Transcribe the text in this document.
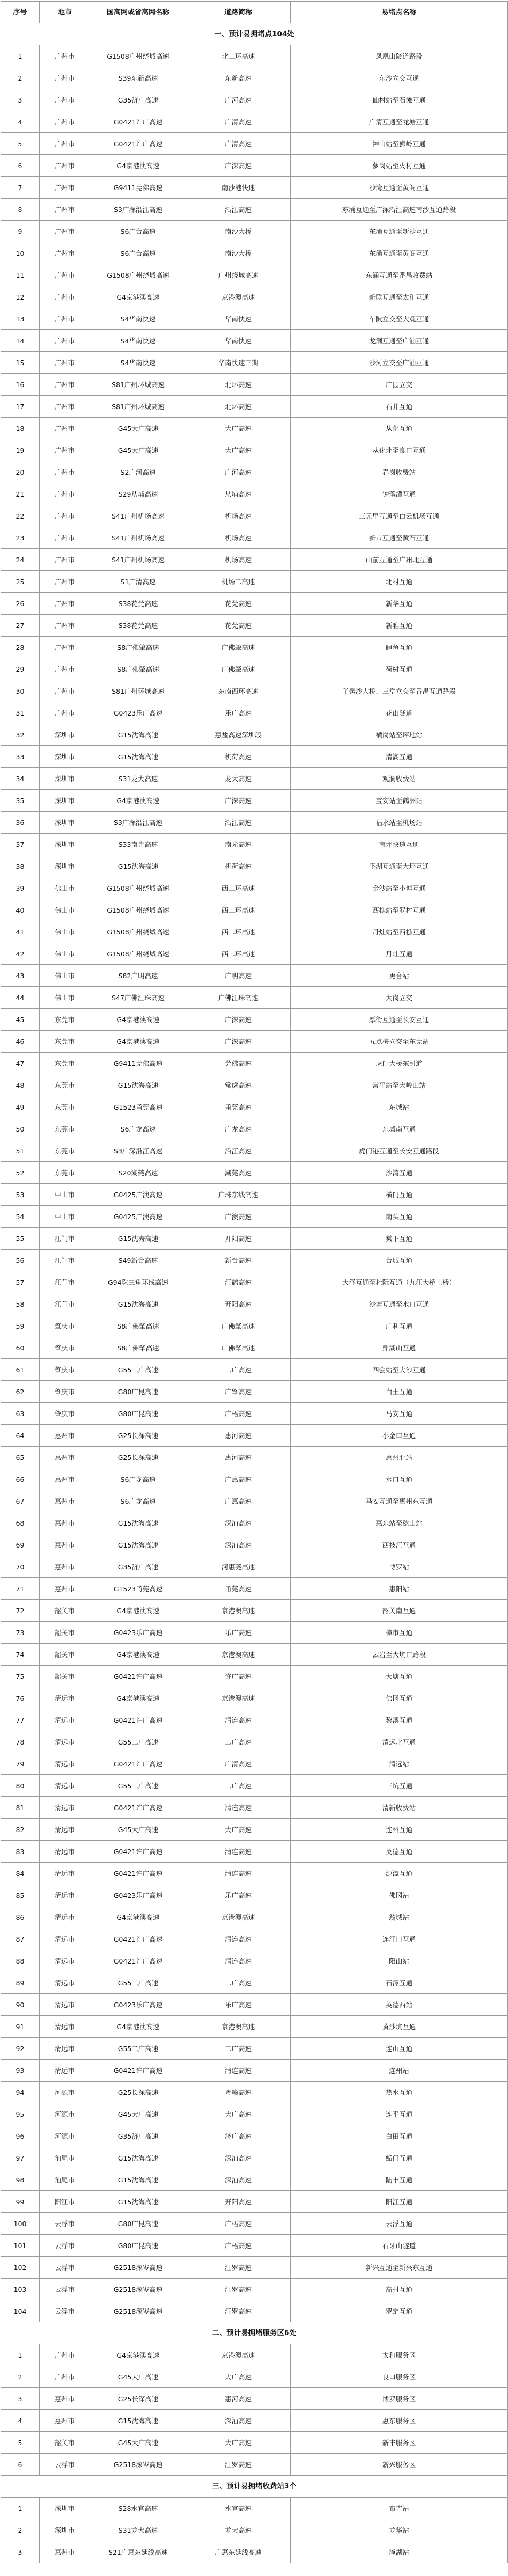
序号	地市	国高网或省高网名称	道路简称	易堵点名称
一、预计易拥堵点104处				
1	广州市	G1508广州绕城高速	北二环高速	凤凰山隧道路段
2	广州市	S39东新高速	东新高速	东沙立交互通
3	广州市	G35济广高速	广河高速	仙村站至石滩互通
4	广州市	G0421许广高速	广清高速	广清互通至龙塘互通
5	广州市	G0421许广高速	广清高速	神山站至狮岭互通
6	广州市	G4京港澳高速	广深高速	萝岗站至火村互通
7	广州市	G9411莞佛高速	南沙港快速	沙湾互通至黄阁互通
8	广州市	S3广深沿江高速	沿江高速	东涌互通至广深沿江高速南沙互通路段
9	广州市	S6广台高速	南沙大桥	东涌互通至新沙互通
10	广州市	S6广台高速	南沙大桥	东涌互通至黄阁互通
11	广州市	G1508广州绕城高速	广州绕城高速	东涌互通至番禺收费站
12	广州市	G4京港澳高速	京港澳高速	新联互通至太和互通
13	广州市	S4华南快速	华南快速	车陂立交至大观互通
14	广州市	S4华南快速	华南快速	龙洞互通至广汕互通
15	广州市	S4华南快速	华南快速三期	沙河立交至广汕互通
16	广州市	S81广州环城高速	北环高速	广园立交
17	广州市	S81广州环城高速	北环高速	石井互通
18	广州市	G45大广高速	大广高速	从化互通
19	广州市	G45大广高速	大广高速	从化北至良口互通
20	广州市	S2广河高速	广河高速	春岗收费站
21	广州市	S29从埔高速	从埔高速	钟落潭互通
22	广州市	S41广州机场高速	机场高速	三元里互通至白云机场互通
23	广州市	S41广州机场高速	机场高速	新市互通至黄石互通
24	广州市	S41广州机场高速	机场高速	山前互通至广州北互通
25	广州市	S1广清高速	机场二高速	北村互通
26	广州市	S38花莞高速	花莞高速	新华互通
27	广州市	S38花莞高速	花莞高速	新雅互通
28	广州市	S8广佛肇高速	广佛肇高速	鲤鱼互通
29	广州市	S8广佛肇高速	广佛肇高速	荷树互通
30	广州市	S81广州环城高速	东南西环高速	丫髻沙大桥、三堂立交至番禺互通路段
31	广州市	G0423乐广高速	乐广高速	花山隧道
32	深圳市	G15沈海高速	惠盐高速深圳段	横岗站至坪地站
33	深圳市	G15沈海高速	机荷高速	清湖互通
34	深圳市	S31龙大高速	龙大高速	观澜收费站
35	深圳市	G4京港澳高速	广深高速	宝安站至鹤洲站
36	深圳市	S3广深沿江高速	沿江高速	福永站至机场站
37	深圳市	S33南光高速	南光高速	南坪快速互通
38	深圳市	G15沈海高速	机荷高速	平湖互通至大坪互通
39	佛山市	G1508广州绕城高速	西二环高速	金沙站至小塘互通
40	佛山市	G1508广州绕城高速	西二环高速	西樵站至罗村互通
41	佛山市	G1508广州绕城高速	西二环高速	丹灶站至西樵互通
42	佛山市	G1508广州绕城高速	西二环高速	丹灶互通
43	佛山市	S82广明高速	广明高速	更合站
44	佛山市	S47广佛江珠高速	广佛江珠高速	大岗立交
45	东莞市	G4京港澳高速	广深高速	厚街互通至长安互通
46	东莞市	G4京港澳高速	广深高速	五点梅立交至东莞站
47	东莞市	G9411莞佛高速	莞佛高速	虎门大桥东引道
48	东莞市	G15沈海高速	常虎高速	常平站至大岭山站
49	东莞市	G1523甬莞高速	甬莞高速	东城站
50	东莞市	S6广龙高速	广龙高速	东城南互通
51	东莞市	S3广深沿江高速	沿江高速	虎门港互通至长安互通路段
52	东莞市	S20潮莞高速	潮莞高速	沙湾互通
53	中山市	G0425广澳高速	广珠东线高速	横门互通
54	中山市	G0425广澳高速	广澳高速	南头互通
55	江门市	G15沈海高速	开阳高速	棠下互通
56	江门市	S49新台高速	新台高速	台城互通
57	江门市	G94珠三角环线高速	江鹤高速	大泽互通至杜阮互通（九江大桥上桥）
58	江门市	G15沈海高速	开阳高速	沙塘互通至水口互通
59	肇庆市	S8广佛肇高速	广佛肇高速	广利互通
60	肇庆市	S8广佛肇高速	广佛肇高速	鼎湖山互通
61	肇庆市	G55二广高速	二广高速	四会站至大沙互通
62	肇庆市	G80广昆高速	广肇高速	白土互通
63	肇庆市	G80广昆高速	广梧高速	马安互通
64	惠州市	G25长深高速	惠河高速	小金口互通
65	惠州市	G25长深高速	惠河高速	惠州北站
66	惠州市	S6广龙高速	广惠高速	水口互通
67	惠州市	S6广龙高速	广惠高速	马安互通至惠州东互通
68	惠州市	G15沈海高速	深汕高速	惠东站至稔山站
69	惠州市	G15沈海高速	深汕高速	西枝江互通
70	惠州市	G35济广高速	河惠莞高速	博罗站
71	惠州市	G1523甬莞高速	甬莞高速	惠阳站
72	韶关市	G4京港澳高速	京港澳高速	韶关南互通
73	韶关市	G0423乐广高速	乐广高速	樟市互通
74	韶关市	G4京港澳高速	京港澳高速	云岩至大坑口路段
75	韶关市	G0421许广高速	许广高速	大塘互通
76	清远市	G4京港澳高速	京港澳高速	佛冈互通
77	清远市	G0421许广高速	清连高速	黎溪互通
78	清远市	G55二广高速	二广高速	清远北互通
79	清远市	G0421许广高速	广清高速	清远站
80	清远市	G55二广高速	二广高速	三坑互通
81	清远市	G0421许广高速	清连高速	清新收费站
82	清远市	G45大广高速	大广高速	连州互通
83	清远市	G0421许广高速	清连高速	英德互通
84	清远市	G0421许广高速	清连高速	源潭互通
85	清远市	G0423乐广高速	乐广高速	佛冈站
86	清远市	G4京港澳高速	京港澳高速	翁城站
87	清远市	G0421许广高速	清连高速	连江口互通
88	清远市	G0421许广高速	清连高速	阳山站
89	清远市	G55二广高速	二广高速	石潭互通
90	清远市	G0423乐广高速	乐广高速	英德西站
91	清远市	G4京港澳高速	京港澳高速	黄沙坑互通
92	清远市	G55二广高速	二广高速	连山互通
93	清远市	G0421许广高速	清连高速	连州站
94	河源市	G25长深高速	粤赣高速	热水互通
95	河源市	G45大广高速	大广高速	连平互通
96	河源市	G35济广高速	济广高速	白田互通
97	汕尾市	G15沈海高速	深汕高速	鲘门互通
98	汕尾市	G15沈海高速	深汕高速	陆丰互通
99	阳江市	G15沈海高速	开阳高速	阳江互通
100	云浮市	G80广昆高速	广梧高速	云浮互通
101	云浮市	G80广昆高速	广梧高速	石牙山隧道
102	云浮市	G2518深岑高速	江罗高速	新兴互通至新兴东互通
103	云浮市	G2518深岑高速	江罗高速	高村互通
104	云浮市	G2518深岑高速	江罗高速	罗定互通
二、预计易拥堵服务区6处				
1	广州市	G4京港澳高速	京港澳高速	太和服务区
2	广州市	G45大广高速	大广高速	良口服务区
3	惠州市	G25长深高速	惠河高速	博罗服务区
4	惠州市	G15沈海高速	深汕高速	惠东服务区
5	韶关市	G45大广高速	大广高速	新丰服务区
6	云浮市	G2518深岑高速	江罗高速	新兴服务区
三、预计易拥堵收费站3个				
1	深圳市	S28水官高速	水官高速	布吉站
2	深圳市	S31龙大高速	龙大高速	龙华站
3	惠州市	S21广惠东延线高速	广惠东延线高速	潼湖站
